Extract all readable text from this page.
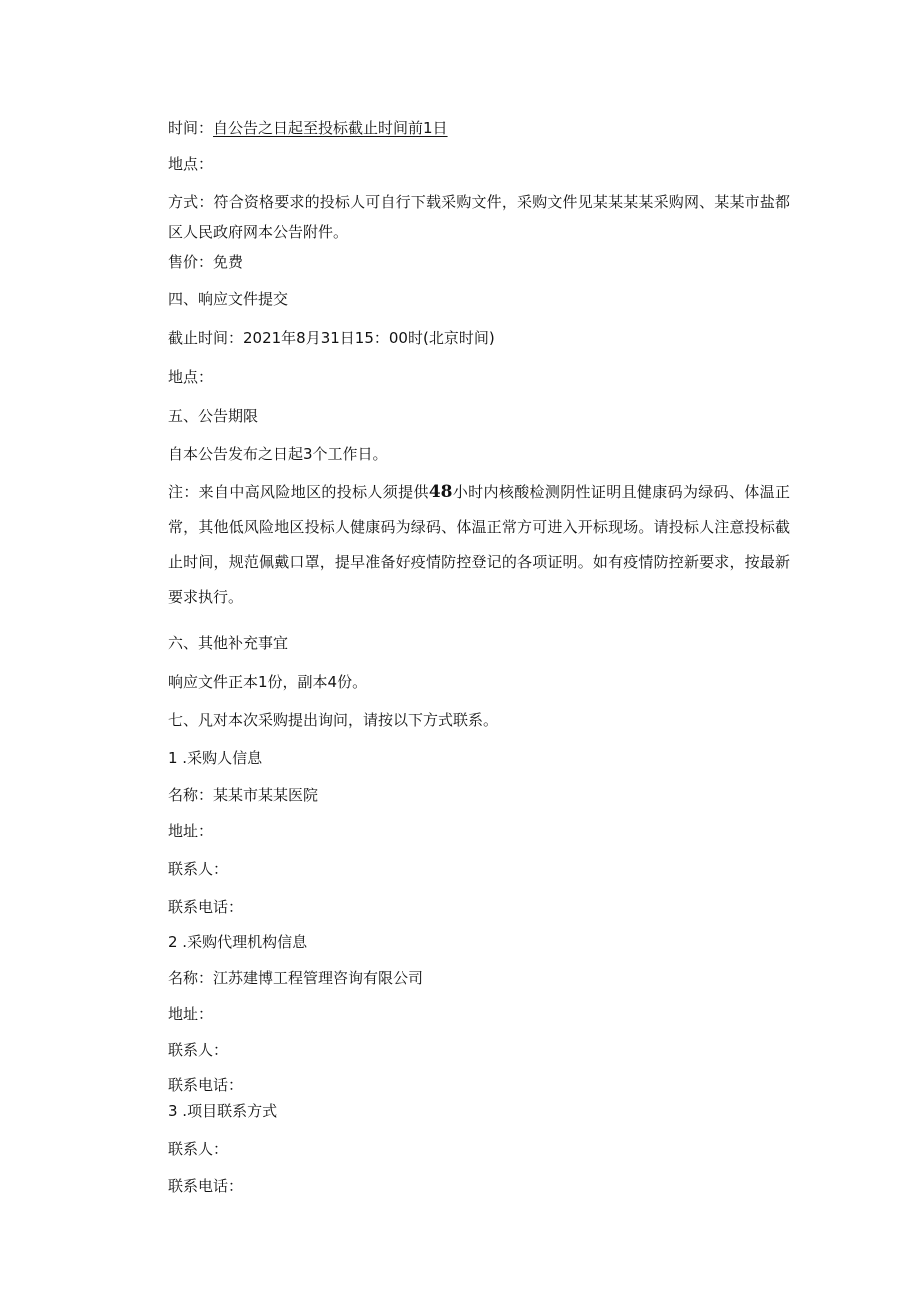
时间：自公告之日起至投标截止时间前1日
地点：
方式：符合资格要求的投标人可自行下载采购文件，采购文件见某某某某采购网、某某市盐都区人民政府网本公告附件。
售价：免费
四、响应文件提交
截止时间：2021年8月31日15：00时(北京时间)
地点：
五、公告期限
自本公告发布之日起3个工作日。
注：来自中高风险地区的投标人须提供48小时内核酸检测阴性证明且健康码为绿码、体温正常，其他低风险地区投标人健康码为绿码、体温正常方可进入开标现场。请投标人注意投标截止时间，规范佩戴口罩，提早准备好疫情防控登记的各项证明。如有疫情防控新要求，按最新要求执行。
六、其他补充事宜
响应文件正本1份，副本4份。
七、凡对本次采购提出询问，请按以下方式联系。
1 .采购人信息
名称：某某市某某医院
地址：
联系人：
联系电话：
2 .采购代理机构信息
名称：江苏建博工程管理咨询有限公司
地址：
联系人：
联系电话：
3 .项目联系方式
联系人：
联系电话：
